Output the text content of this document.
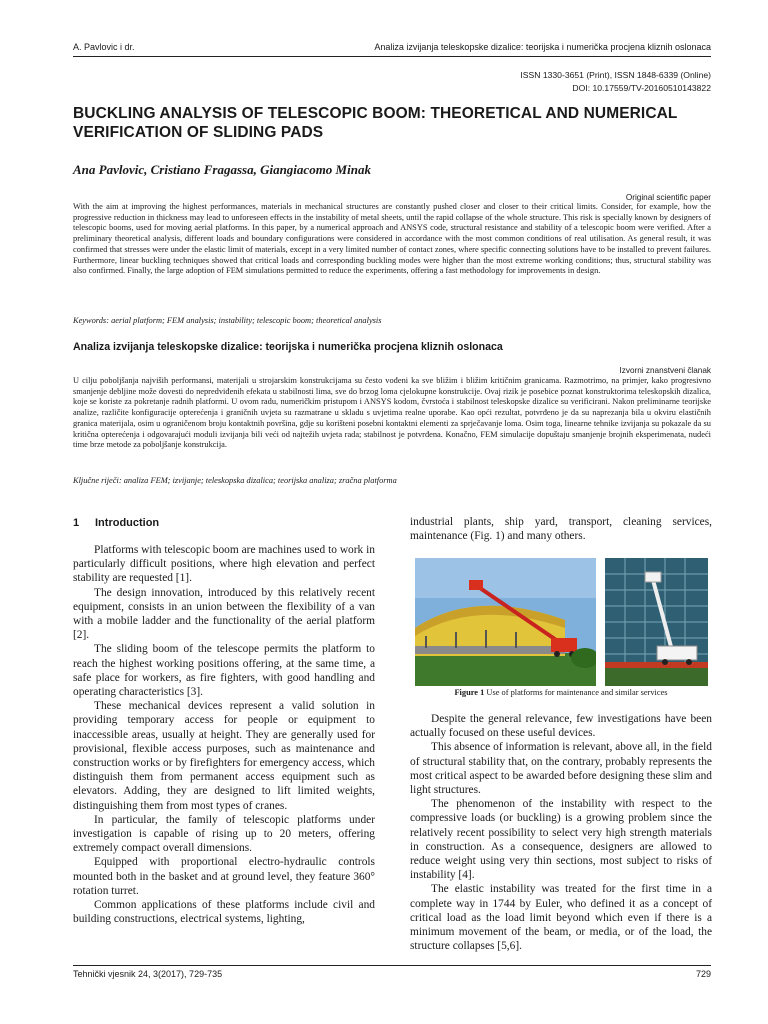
A. Pavlovic i dr.	Analiza izvijanja teleskopske dizalice: teorijska i numerička procjena kliznih oslonaca
ISSN 1330-3651 (Print), ISSN 1848-6339 (Online)
DOI: 10.17559/TV-20160510143822
BUCKLING ANALYSIS OF TELESCOPIC BOOM: THEORETICAL AND NUMERICAL VERIFICATION OF SLIDING PADS
Ana Pavlovic, Cristiano Fragassa, Giangiacomo Minak
Original scientific paper
With the aim at improving the highest performances, materials in mechanical structures are constantly pushed closer and closer to their critical limits. Consider, for example, how the progressive reduction in thickness may lead to unforeseen effects in the instability of metal sheets, until the rapid collapse of the whole structure. This risk is specially known by designers of telescopic booms, used for moving aerial platforms. In this paper, by a numerical approach and ANSYS code, structural resistance and stability of a telescopic boom were verified. After a preliminary theoretical analysis, different loads and boundary configurations were considered in accordance with the most common conditions of real utilisation. As general result, it was confirmed that stresses were under the elastic limit of materials, except in a very limited number of contact zones, where specific connecting solutions have to be installed to prevent failures. Furthermore, linear buckling techniques showed that critical loads and corresponding buckling modes were higher than the most extreme working conditions; thus, structural stability was also confirmed. Finally, the large adoption of FEM simulations permitted to reduce the experiments, offering a fast methodology for improvements in design.
Keywords: aerial platform; FEM analysis; instability; telescopic boom; theoretical analysis
Analiza izvijanja teleskopske dizalice: teorijska i numerička procjena kliznih oslonaca
Izvorni znanstveni članak
U cilju poboljšanja najviših performansi, materijali u strojarskim konstrukcijama su često vođeni ka sve bližim i bližim kritičnim granicama. Razmotrimo, na primjer, kako progresivno smanjenje debljine može dovesti do nepredviđenih efekata u stabilnosti lima, sve do brzog loma cjelokupne konstrukcije. Ovaj rizik je posebice poznat konstruktorima teleskopskih dizalica, koje se koriste za pokretanje radnih platformi. U ovom radu, numeričkim pristupom i ANSYS kodom, čvrstoća i stabilnost teleskopske dizalice su verificirani. Nakon preliminarne teorijske analize, različite konfiguracije opterećenja i graničnih uvjeta su razmatrane u skladu s uvjetima realne uporabe. Kao opći rezultat, potvrđeno je da su naprezanja bila u okviru elastičnih granica materijala, osim u ograničenom broju kontaktnih površina, gdje su korišteni posebni kontaktni elementi za sprječavanje loma. Osim toga, linearne tehnike izvijanja su pokazale da su kritična opterećenja i odgovarajući moduli izvijanja bili veći od najtežih uvjeta rada; stabilnost je potvrđena. Konačno, FEM simulacije dopuštaju smanjenje brojnih eksperimenata, nudeći time brze metode za poboljšanje konstrukcija.
Ključne riječi: analiza FEM; izvijanje; teleskopska dizalica; teorijska analiza; zračna platforma
1 Introduction

Platforms with telescopic boom are machines used to work in particularly difficult positions, where high elevation and perfect stability are requested [1].

The design innovation, introduced by this relatively recent equipment, consists in an union between the flexibility of a van with a mobile ladder and the functionality of the aerial platform [2].

The sliding boom of the telescope permits the platform to reach the highest working positions offering, at the same time, a safe place for workers, as fire fighters, with good handling and operating characteristics [3].

These mechanical devices represent a valid solution in providing temporary access for people or equipment to inaccessible areas, usually at height. They are generally used for provisional, flexible access purposes, such as maintenance and construction works or by firefighters for emergency access, which distinguish them from permanent access equipment such as elevators. Adding, they are designed to lift limited weights, distinguishing them from most types of cranes.

In particular, the family of telescopic platforms under investigation is capable of rising up to 20 meters, offering extremely compact overall dimensions.

Equipped with proportional electro-hydraulic controls mounted both in the basket and at ground level, they feature 360° rotation turret.

Common applications of these platforms include civil and building constructions, electrical systems, lighting,

industrial plants, ship yard, transport, cleaning services, maintenance (Fig. 1) and many others.

Figure 1 Use of platforms for maintenance and similar services

Despite the general relevance, few investigations have been actually focused on these useful devices.

This absence of information is relevant, above all, in the field of structural stability that, on the contrary, probably represents the most critical aspect to be awarded before designing these slim and light structures.

The phenomenon of the instability with respect to the compressive loads (or buckling) is a growing problem since the relatively recent possibility to select very high strength materials in construction. As a consequence, designers are allowed to reduce weight using very thin sections, most subject to risks of instability [4].

The elastic instability was treated for the first time in a complete way in 1744 by Euler, who defined it as a concept of critical load as the load limit beyond which even if there is a minimum movement of the beam, or media, or of the load, the structure collapses [5,6].

Tehnički vjesnik 24, 3(2017), 729-735	729
